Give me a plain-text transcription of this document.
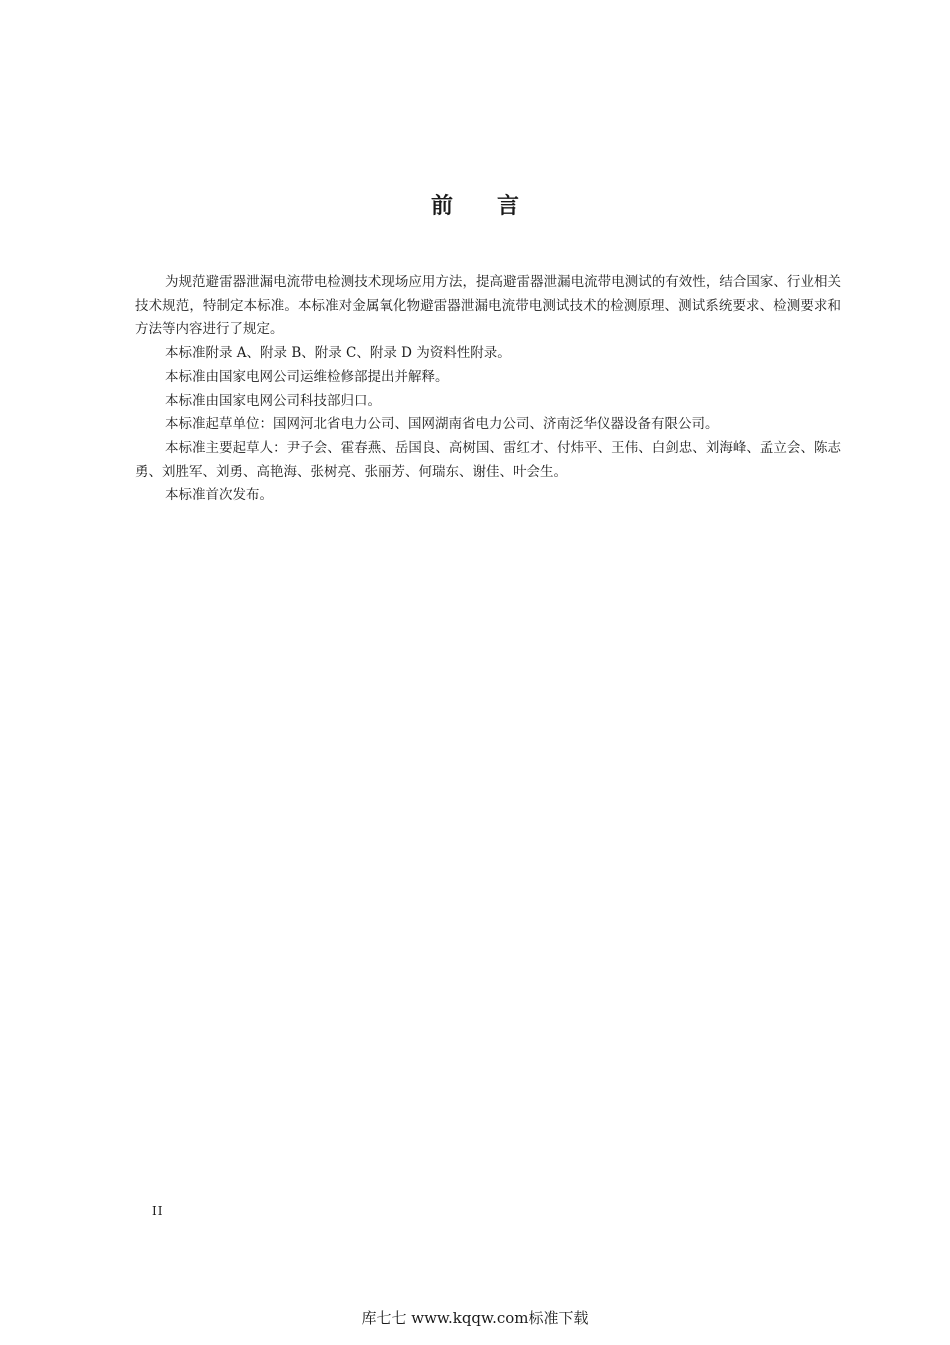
前言

为规范避雷器泄漏电流带电检测技术现场应用方法，提高避雷器泄漏电流带电测试的有效性，结合国家、行业相关技术规范，特制定本标准。本标准对金属氧化物避雷器泄漏电流带电测试技术的检测原理、测试系统要求、检测要求和方法等内容进行了规定。

本标准附录 A、附录 B、附录 C、附录 D 为资料性附录。

本标准由国家电网公司运维检修部提出并解释。

本标准由国家电网公司科技部归口。

本标准起草单位：国网河北省电力公司、国网湖南省电力公司、济南泛华仪器设备有限公司。

本标准主要起草人：尹子会、霍春燕、岳国良、高树国、雷红才、付炜平、王伟、白剑忠、刘海峰、孟立会、陈志勇、刘胜军、刘勇、高艳海、张树亮、张丽芳、何瑞东、谢佳、叶会生。

本标准首次发布。

II

库七七 www.kqqw.com标准下载
